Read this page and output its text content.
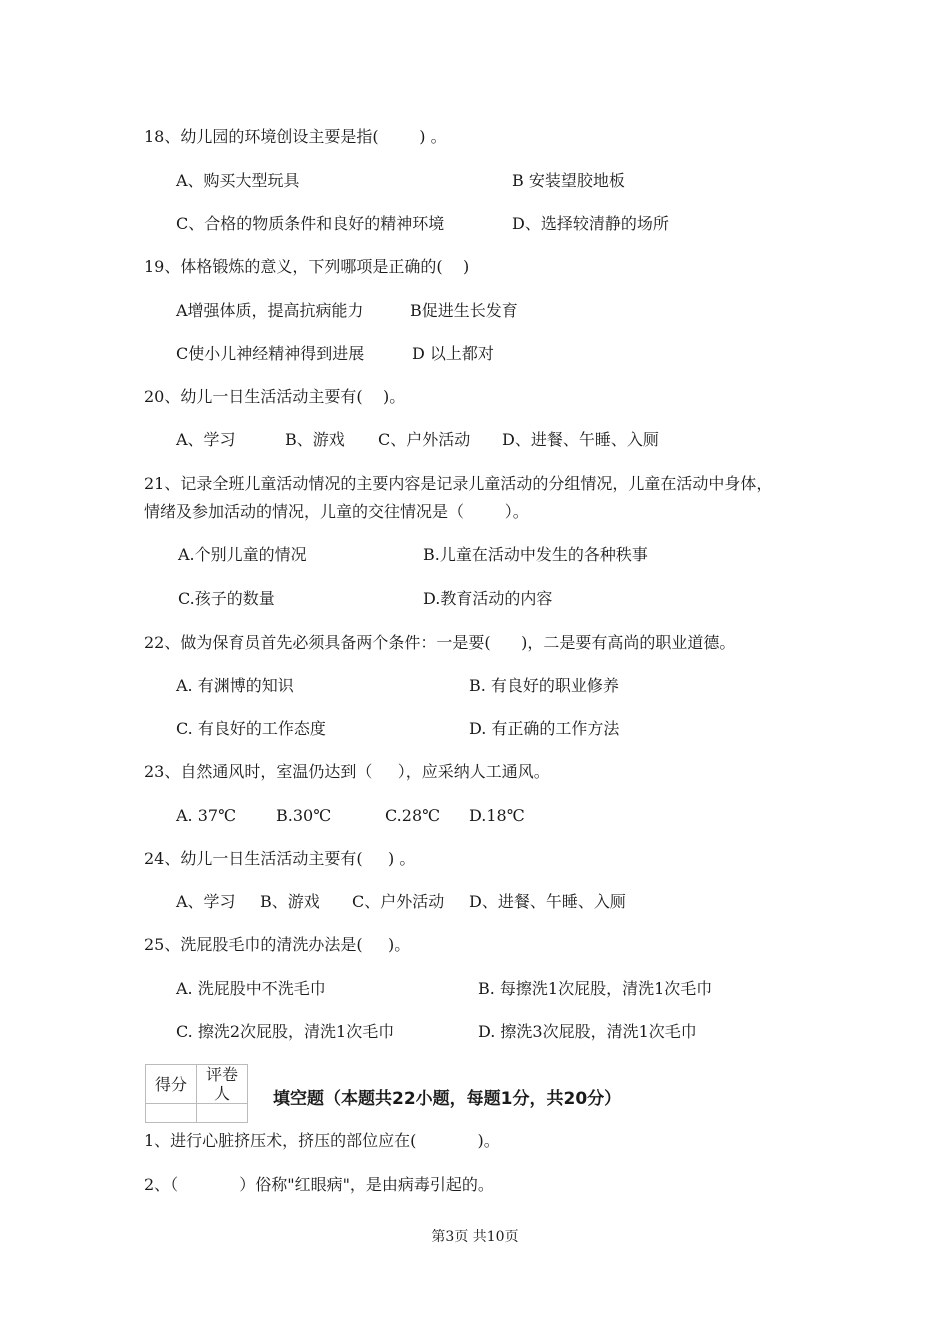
18、幼儿园的环境创设主要是指(        ) 。
A、购买大型玩具	B 安装望胶地板
C、合格的物质条件和良好的精神环境	D、选择较清静的场所
19、体格锻炼的意义，下列哪项是正确的(    )
A增强体质，提高抗病能力	B促进生长发育
C使小儿神经精神得到进展	D 以上都对
20、幼儿一日生活活动主要有(    )。
A、学习	B、游戏 C、户外活动 D、进餐、午睡、入厕
21、记录全班儿童活动情况的主要内容是记录儿童活动的分组情况，儿童在活动中身体，
情绪及参加活动的情况，儿童的交往情况是（        ）。
A.个别儿童的情况	B.儿童在活动中发生的各种秩事
C.孩子的数量	D.教育活动的内容
22、做为保育员首先必须具备两个条件：一是要(      )，二是要有高尚的职业道德。
A. 有渊博的知识	B. 有良好的职业修养
C. 有良好的工作态度	D. 有正确的工作方法
23、自然通风时，室温仍达到（     ），应采纳人工通风。
A. 37℃	B.30℃	C.28℃ D.18℃
24、幼儿一日生活活动主要有(     ) 。
A、学习 B、游戏 C、户外活动 D、进餐、午睡、入厕
25、洗屁股毛巾的清洗办法是(     )。
A. 洗屁股中不洗毛巾	B. 每擦洗1次屁股，清洗1次毛巾
C. 擦洗2次屁股，清洗1次毛巾	D. 擦洗3次屁股，清洗1次毛巾
得分	评卷人
		填空题（本题共22小题，每题1分，共20分）
1、进行心脏挤压术，挤压的部位应在(            )。
2、（            ）俗称"红眼病"，是由病毒引起的。
第3页 共10页
